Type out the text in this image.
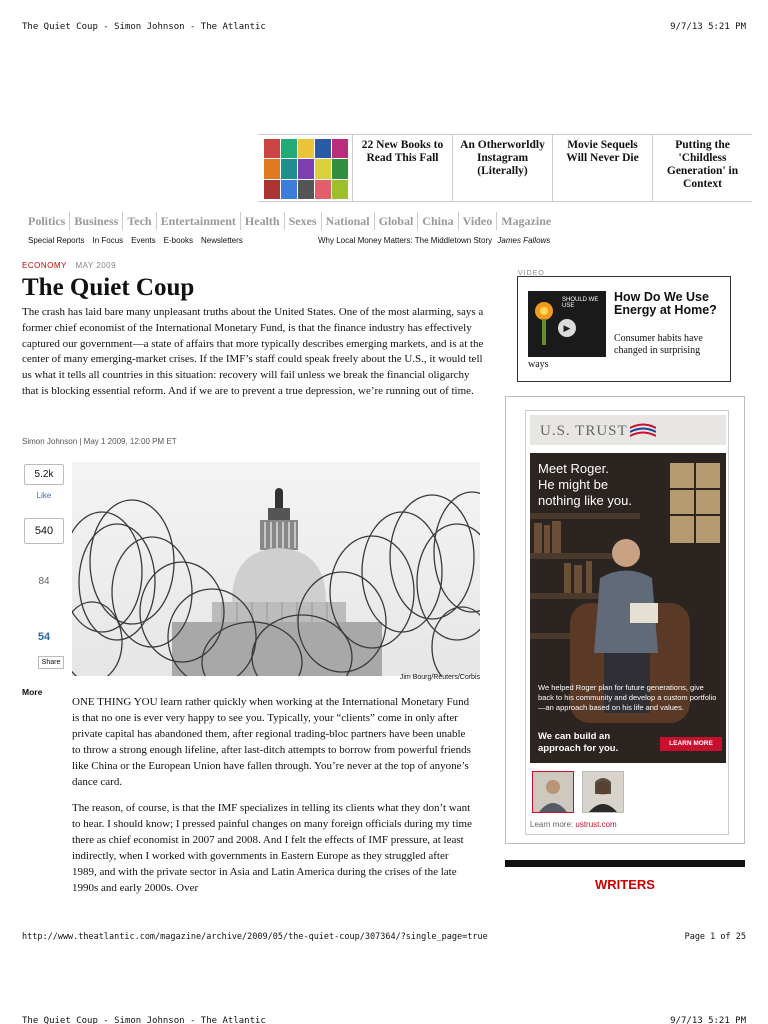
The Quiet Coup - Simon Johnson - The Atlantic	9/7/13 5:21 PM
22 New Books to Read This Fall
An Otherworldly Instagram (Literally)
Movie Sequels Will Never Die
Putting the 'Childless Generation' in Context
Politics Business Tech Entertainment Health Sexes National Global China Video Magazine
Special Reports In Focus Events E-books Newsletters	Why Local Money Matters: The Middletown Story James Fallows
ECONOMY MAY 2009
The Quiet Coup

The crash has laid bare many unpleasant truths about the United States. One of the most alarming, says a former chief economist of the International Monetary Fund, is that the finance industry has effectively captured our government—a state of affairs that more typically describes emerging markets, and is at the center of many emerging-market crises. If the IMF’s staff could speak freely about the U.S., it would tell us what it tells all countries in this situation: recovery will fail unless we break the financial oligarchy that is blocking essential reform. And if we are to prevent a true depression, we’re running out of time.

Simon Johnson | May 1 2009, 12:00 PM ET
5.2k
Like
540
84
54
Share
More
Jim Bourg/Reuters/Corbis

ONE THING YOU learn rather quickly when working at the International Monetary Fund is that no one is ever very happy to see you. Typically, your “clients” come in only after private capital has abandoned them, after regional trading-bloc partners have been unable to throw a strong enough lifeline, after last-ditch attempts to borrow from powerful friends like China or the European Union have fallen through. You’re never at the top of anyone’s dance card.

The reason, of course, is that the IMF specializes in telling its clients what they don’t want to hear. I should know; I pressed painful changes on many foreign officials during my time there as chief economist in 2007 and 2008. And I felt the effects of IMF pressure, at least indirectly, when I worked with governments in Eastern Europe as they struggled after 1989, and with the private sector in Asia and Latin America during the crises of the late 1990s and early 2000s. Over

VIDEO
SHOULD WE USE
▶
How Do We Use Energy at Home?
Consumer habits have changed in surprising
ways
U.S. TRUST
Meet Roger.
He might be
nothing like you.
We helped Roger plan for future generations, give back to his community and develop a custom portfolio—an approach based on his life and values.
We can build an approach for you.	LEARN MORE
Learn more: ustrust.com
WRITERS
http://www.theatlantic.com/magazine/archive/2009/05/the-quiet-coup/307364/?single_page=true	Page 1 of 25
The Quiet Coup - Simon Johnson - The Atlantic	9/7/13 5:21 PM
